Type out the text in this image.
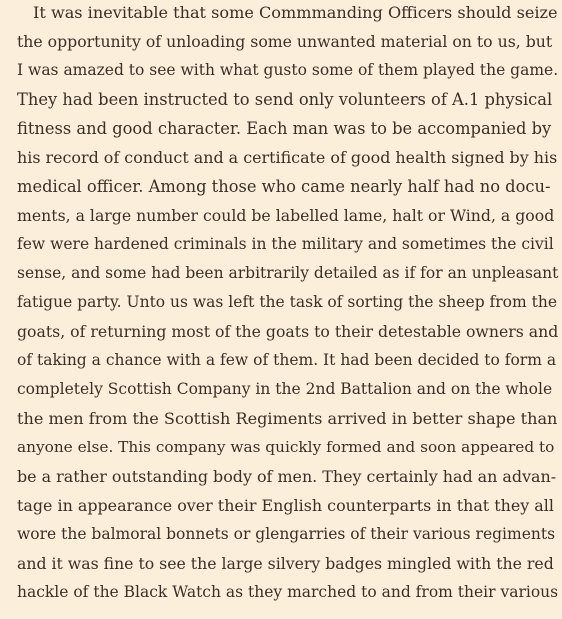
It was inevitable that some Commmanding Officers should seize
the opportunity of unloading some unwanted material on to us, but
I was amazed to see with what gusto some of them played the game.
They had been instructed to send only volunteers of A.1 physical
fitness and good character. Each man was to be accompanied by
his record of conduct and a certificate of good health signed by his
medical officer. Among those who came nearly half had no docu-
ments, a large number could be labelled lame, halt or Wind, a good
few were hardened criminals in the military and sometimes the civil
sense, and some had been arbitrarily detailed as if for an unpleasant
fatigue party. Unto us was left the task of sorting the sheep from the
goats, of returning most of the goats to their detestable owners and
of taking a chance with a few of them. It had been decided to form a
completely Scottish Company in the 2nd Battalion and on the whole
the men from the Scottish Regiments arrived in better shape than
anyone else. This company was quickly formed and soon appeared to
be a rather outstanding body of men. They certainly had an advan-
tage in appearance over their English counterparts in that they all
wore the balmoral bonnets or glengarries of their various regiments
and it was fine to see the large silvery badges mingled with the red
hackle of the Black Watch as they marched to and from their various
